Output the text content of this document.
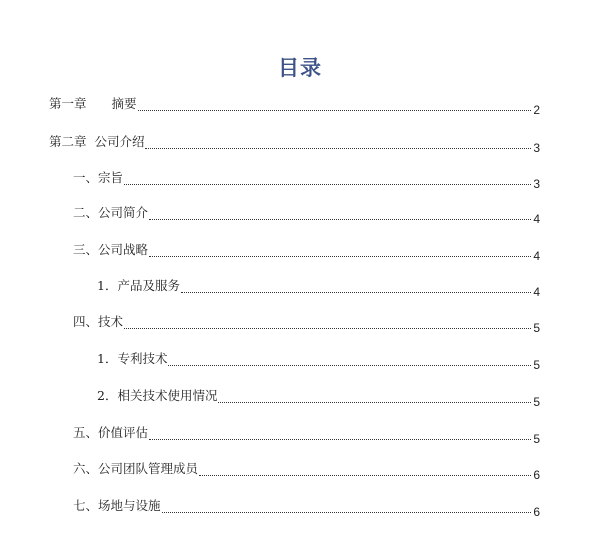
目录
第一章　　摘要	2
第二章  公司介绍	3
一、宗旨	3
二、公司简介	4
三、公司战略	4
1．产品及服务	4
四、技术	5
1．专利技术	5
2．相关技术使用情况	5
五、价值评估	5
六、公司团队管理成员	6
七、场地与设施	6
